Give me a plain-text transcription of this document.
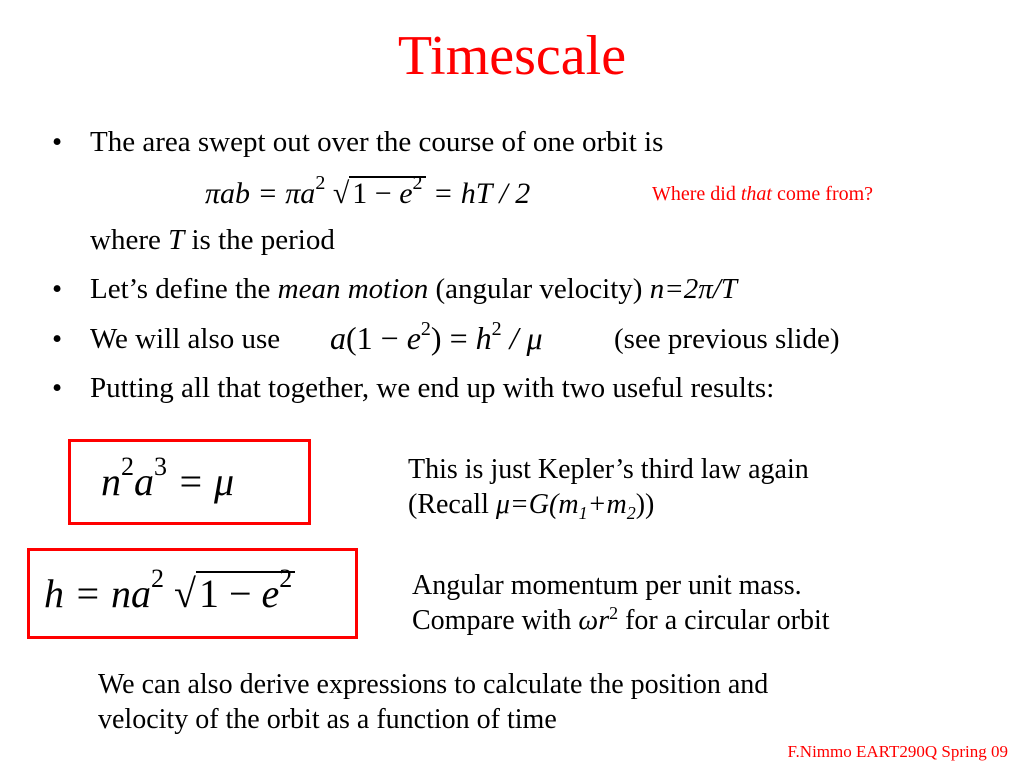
Timescale
• The area swept out over the course of one orbit is
$\pi ab = \pi a^2$ √ $1 - e^2$ = hT / 2	Where did that come from?
where T is the period
• Let’s define the mean motion (angular velocity) n=2π/T
• We will also use $a(1 - e^2) = h^2 / \mu$ (see previous slide)
• Putting all that together, we end up with two useful results:
$n^2a^3 = \mu$	This is just Kepler’s third law again
(Recall $\mu=G(m_1+m_2)$)
$h = na^2$ $√1 - e^2$	Angular momentum per unit mass.
Compare with $\omega r^2$ for a circular orbit
We can also derive expressions to calculate the position and
velocity of the orbit as a function of time
F.Nimmo EART290Q Spring 09
